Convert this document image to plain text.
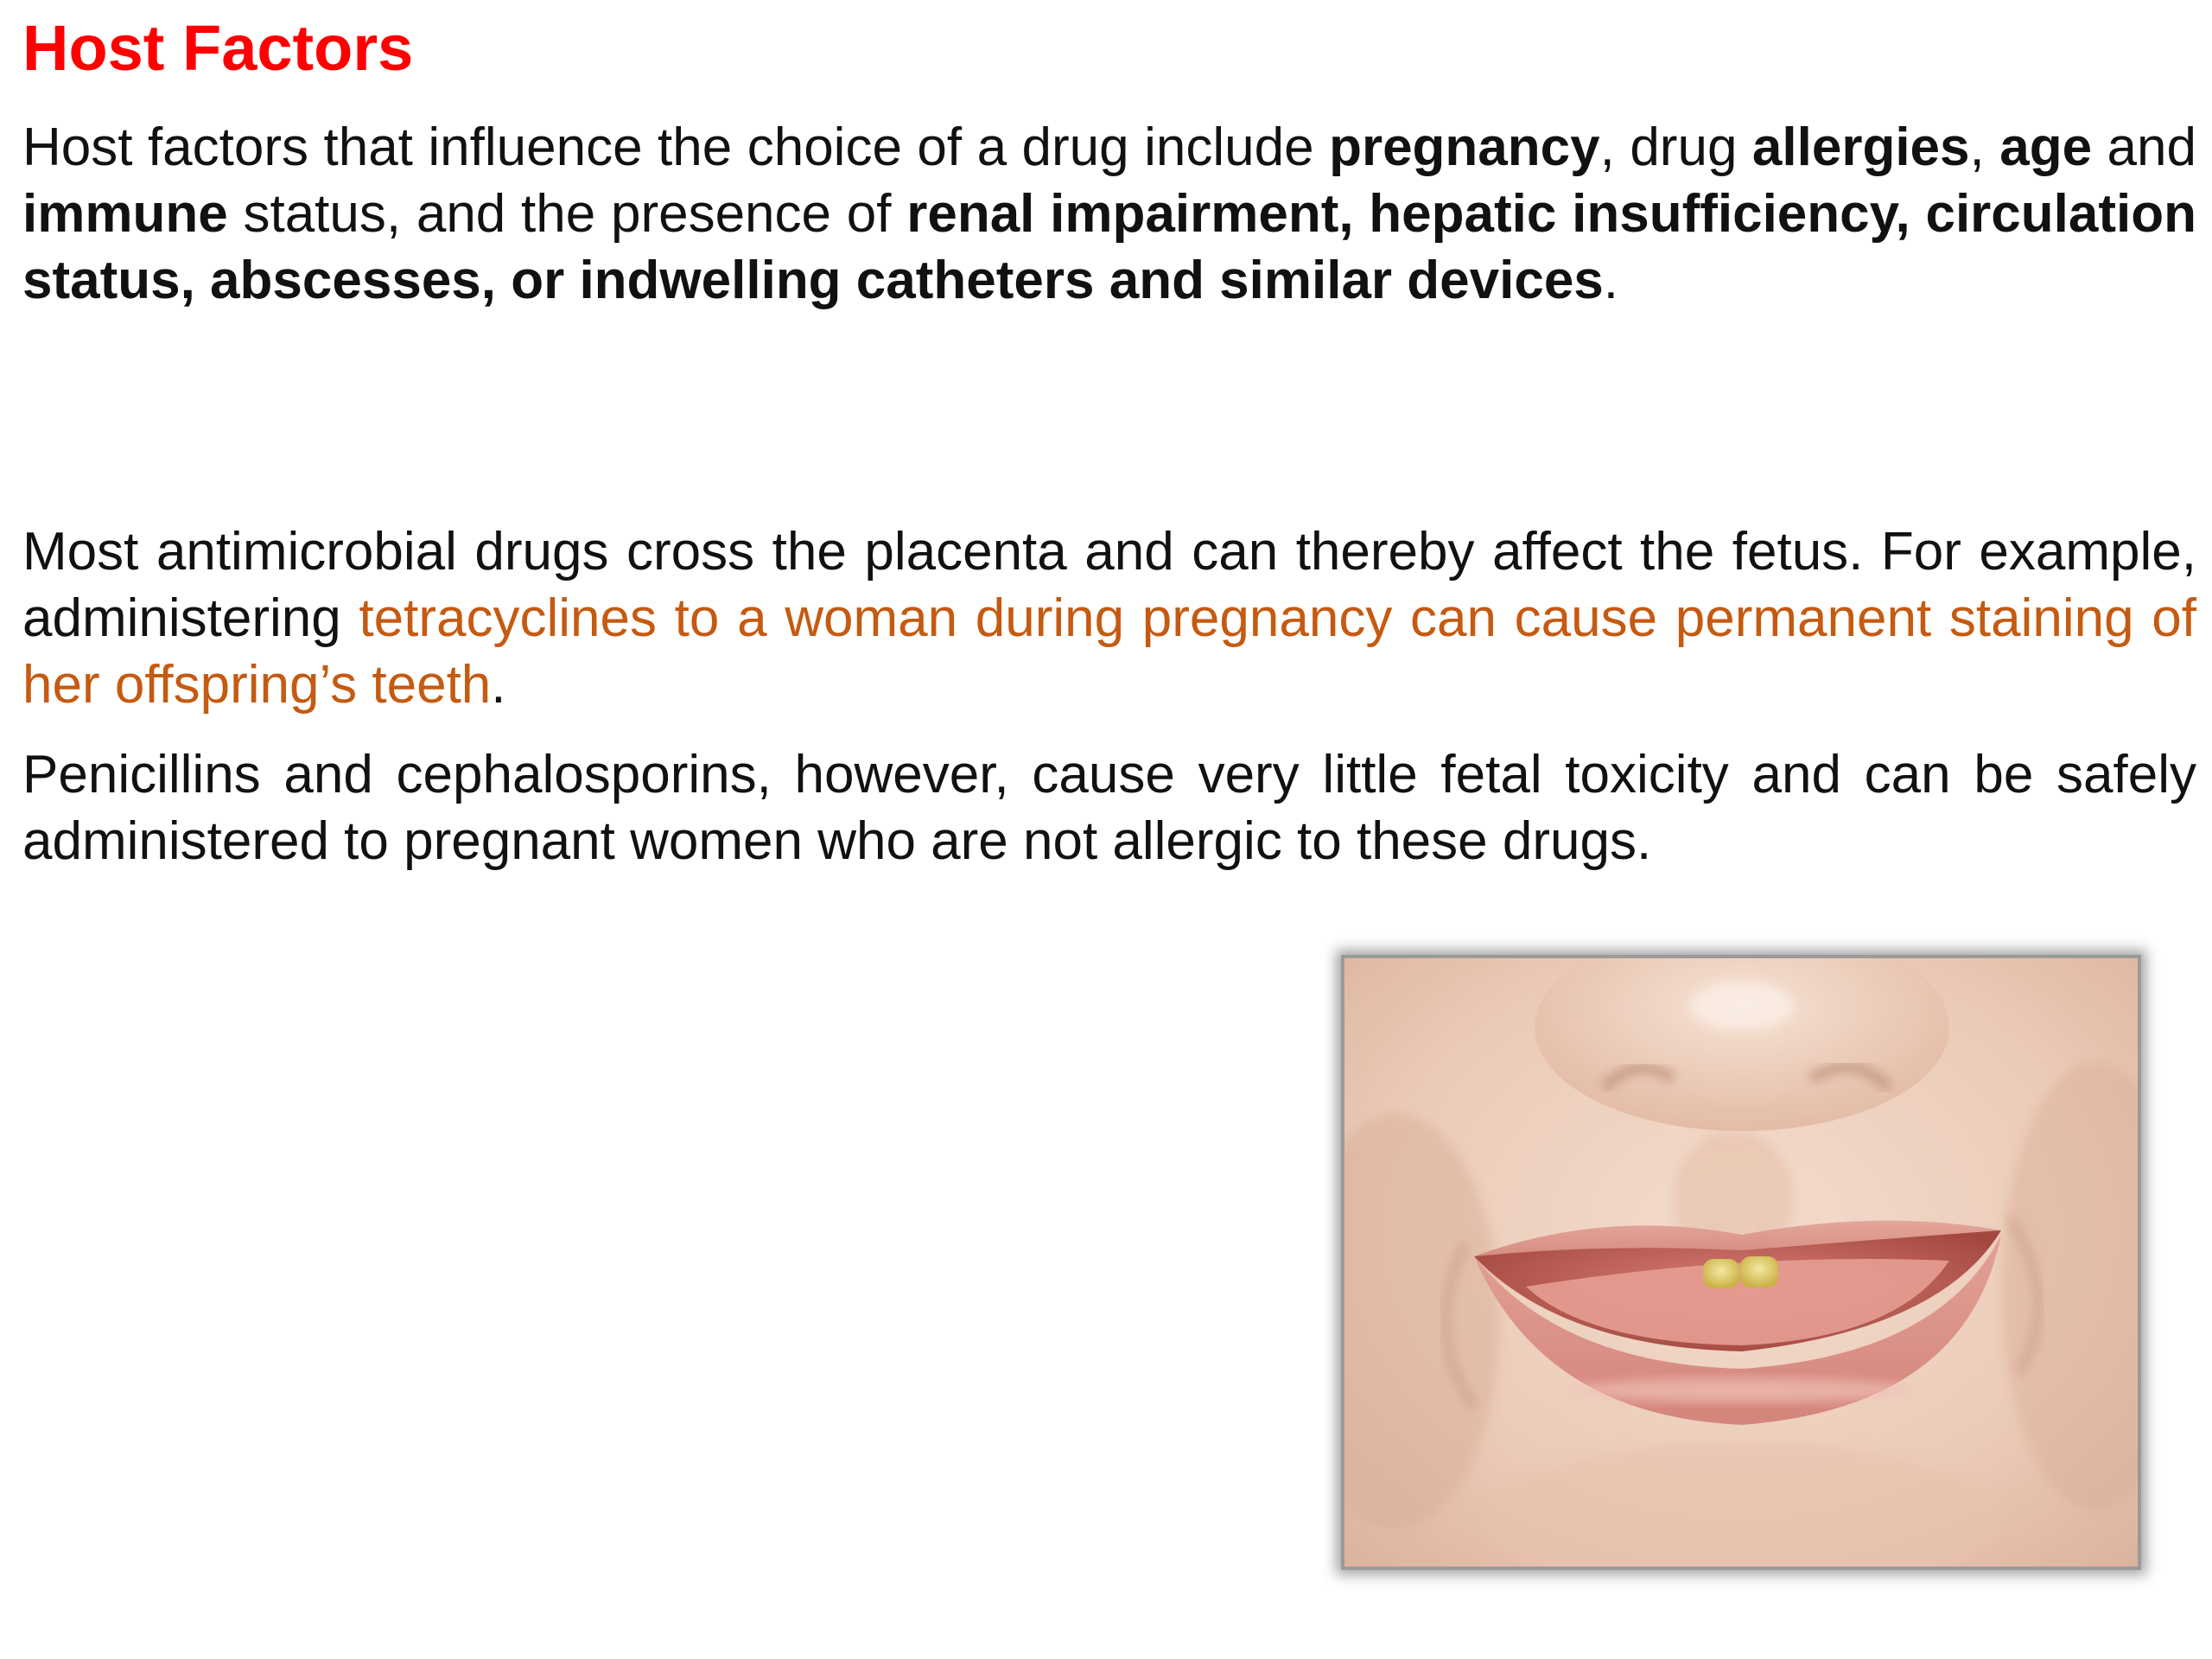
Host Factors

Host factors that influence the choice of a drug include pregnancy, drug allergies, age and immune status, and the presence of renal impairment, hepatic insufficiency, circulation status, abscesses, or indwelling catheters and similar devices.

Most antimicrobial drugs cross the placenta and can thereby affect the fetus. For example, administering tetracyclines to a woman during pregnancy can cause permanent staining of her offspring’s teeth.

Penicillins and cephalosporins, however, cause very little fetal toxicity and can be safely administered to pregnant women who are not allergic to these drugs.
